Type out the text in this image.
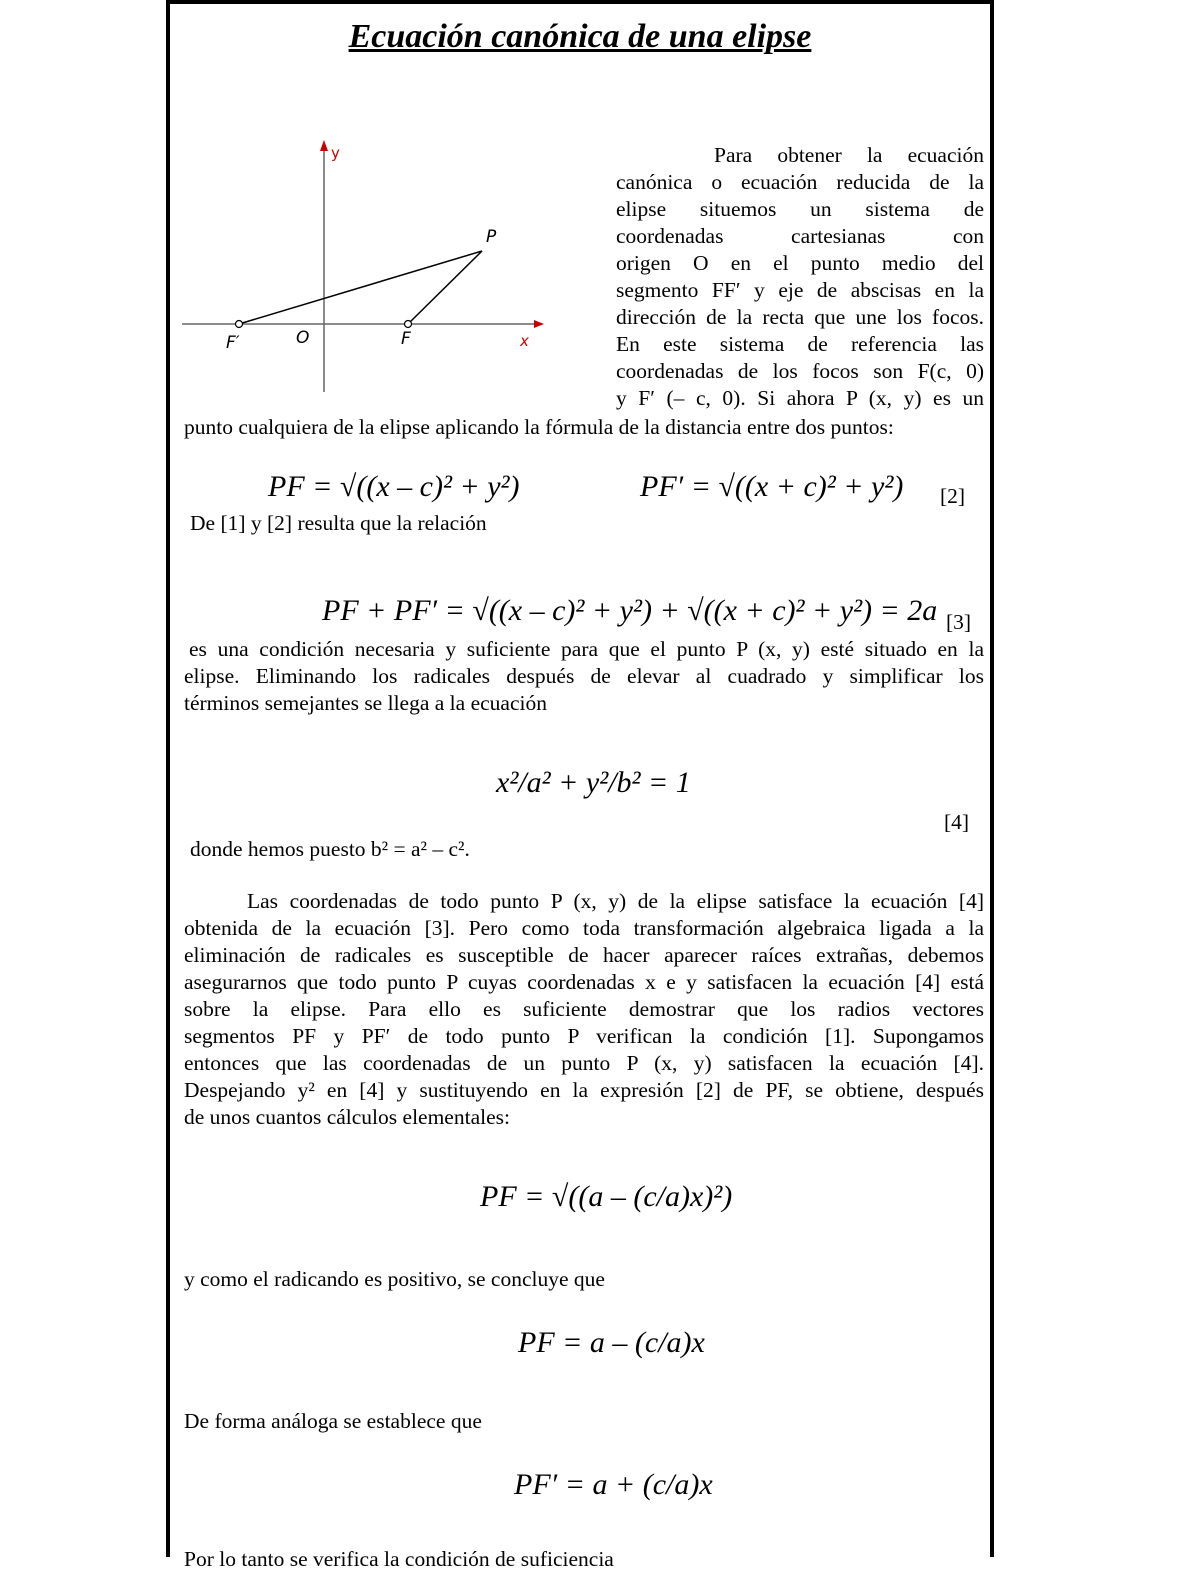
Ecuación canónica de una elipse
y
x
P
F′	O	F
Para obtener la ecuación
canónica o ecuación reducida de la
elipse situemos un sistema de
coordenadas cartesianas con
origen O en el punto medio del
segmento FF′ y eje de abscisas en la
dirección de la recta que une los focos.
En este sistema de referencia las
coordenadas de los focos son F(c, 0)
y F′ (– c, 0). Si ahora P (x, y) es un
punto cualquiera de la elipse aplicando la fórmula de la distancia entre dos puntos:
PF = √((x – c)² + y²)	PF′ = √((x + c)² + y²) [2]
De [1] y [2] resulta que la relación
PF + PF′ = √((x – c)² + y²) + √((x + c)² + y²) = 2a [3]
es una condición necesaria y suficiente para que el punto P (x, y) esté situado en la
elipse. Eliminando los radicales después de elevar al cuadrado y simplificar los
términos semejantes se llega a la ecuación
x²/a² + y²/b² = 1
[4]
donde hemos puesto b² = a² – c².
Las coordenadas de todo punto P (x, y) de la elipse satisface la ecuación [4]
obtenida de la ecuación [3]. Pero como toda transformación algebraica ligada a la
eliminación de radicales es susceptible de hacer aparecer raíces extrañas, debemos
asegurarnos que todo punto P cuyas coordenadas x e y satisfacen la ecuación [4] está
sobre la elipse. Para ello es suficiente demostrar que los radios vectores
segmentos PF y PF′ de todo punto P verifican la condición [1]. Supongamos
entonces que las coordenadas de un punto P (x, y) satisfacen la ecuación [4].
Despejando y² en [4] y sustituyendo en la expresión [2] de PF, se obtiene, después
de unos cuantos cálculos elementales:
PF = √((a – (c/a)x)²)
y como el radicando es positivo, se concluye que
PF = a – (c/a)x
De forma análoga se establece que
PF′ = a + (c/a)x
Por lo tanto se verifica la condición de suficiencia
